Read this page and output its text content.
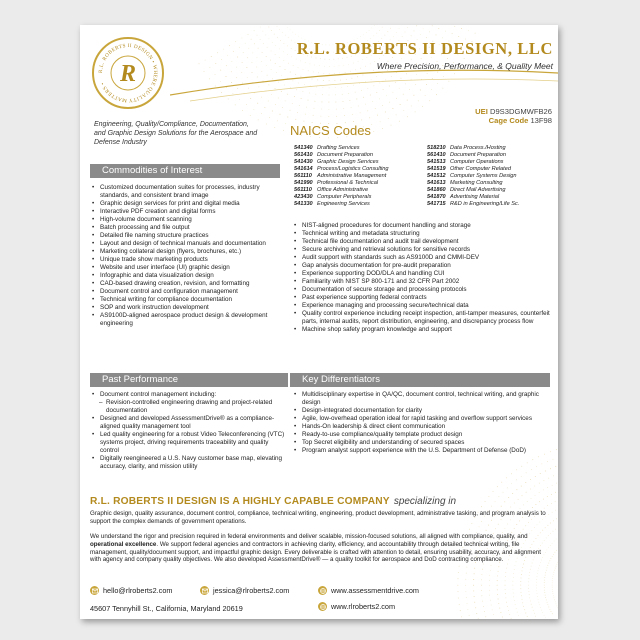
R.L. ROBERTS II DESIGN • WHERE QUALITY MATTERS • R
R.L. ROBERTS II DESIGN, LLC
Where Precision, Performance, & Quality Meet
UEI D9S3DGMWFB26
Cage Code 13F98
Engineering, Quality/Compliance, Documentation, and Graphic Design Solutions for the Aerospace and Defense Industry
NAICS Codes
541340 Drafting Services
561410 Document Preparation
541430 Graphic Design Services
541614 Process/Logistics Consulting
561110 Administrative Management
541990 Professional & Technical
561110 Office Administrative
423430 Computer Peripherals
541330 Engineering Services
518210 Data Process./Hosting
561410 Document Preparation
541513 Computer Operations
541519 Other Computer Related
541512 Computer Systems Design
541613 Marketing Consulting
541860 Direct Mail Advertising
541870 Advertising Material
541715 R&D in Engineering/Life Sc.
Commodities of Interest
• Customized documentation suites for processes, industry standards, and consistent brand image
• Graphic design services for print and digital media
• Interactive PDF creation and digital forms
• High-volume document scanning
• Batch processing and file output
• Detailed file naming structure practices
• Layout and design of technical manuals and documentation
• Marketing collateral design (flyers, brochures, etc.)
• Unique trade show marketing products
• Website and user interface (UI) graphic design
• Infographic and data visualization design
• CAD-based drawing creation, revision, and formatting
• Document control and configuration management
• Technical writing for compliance documentation
• SOP and work instruction development
• AS9100D-aligned aerospace product design & development engineering
• NIST-aligned procedures for document handling and storage
• Technical writing and metadata structuring
• Technical file documentation and audit trail development
• Secure archiving and retrieval solutions for sensitive records
• Audit support with standards such as AS9100D and CMMI-DEV
• Gap analysis documentation for pre-audit preparation
• Experience supporting DOD/DLA and handling CUI
• Familiarity with NIST SP 800-171 and 32 CFR Part 2002
• Documentation of secure storage and processing protocols
• Past experience supporting federal contracts
• Experience managing and processing secure/technical data
• Quality control experience including receipt inspection, anti-tamper measures, counterfeit parts, internal audits, report distribution, engineering, and discrepancy process flow
• Machine shop safety program knowledge and support
Past Performance	Key Differentiators
• Document control management including:
– Revision-controlled engineering drawing and project-related documentation
• Designed and developed AssessmentDrive® as a compliance-aligned quality management tool
• Led quality engineering for a robust Video Teleconferencing (VTC) systems project, driving requirements traceability and quality control
• Digitally reengineered a U.S. Navy customer base map, elevating accuracy, clarity, and mission utility
• Multidisciplinary expertise in QA/QC, document control, technical writing, and graphic design
• Design-integrated documentation for clarity
• Agile, low-overhead operation ideal for rapid tasking and overflow support services
• Hands-On leadership & direct client communication
• Ready-to-use compliance/quality template product design
• Top Secret eligibility and understanding of secured spaces
• Program analyst support experience with the U.S. Department of Defense (DoD)
R.L. ROBERTS II DESIGN IS A HIGHLY CAPABLE COMPANY specializing in
Graphic design, quality assurance, document control, compliance, technical writing, engineering, product development, administrative tasking, and program analysis to support the complex demands of government operations.
We understand the rigor and precision required in federal environments and deliver scalable, mission-focused solutions, all aligned with compliance, quality, and operational excellence. We support federal agencies and contractors in achieving clarity, efficiency, and accountability through detailed technical writing, file management, quality/document support, and impactful graphic design. Every deliverable is crafted with attention to detail, ensuring usability, accuracy, and alignment with agency and company quality objectives. We also developed AssessmentDrive® — a quality toolkit for aerospace and DoD contracting compliance.
hello@rlroberts2.com	jessica@rlroberts2.com	www.assessmentdrive.com
45607 Tennyhill St., California, Maryland 20619	www.rlroberts2.com
